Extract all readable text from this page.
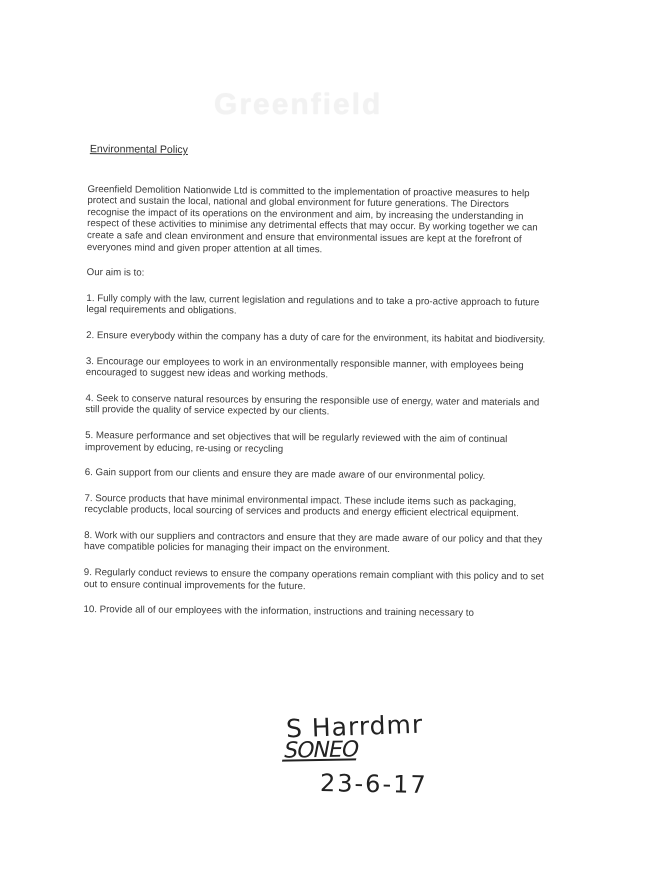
Greenfield
Environmental Policy
Greenfield Demolition Nationwide Ltd is committed to the implementation of proactive measures to help protect and sustain the local, national and global environment for future generations. The Directors recognise the impact of its operations on the environment and aim, by increasing the understanding in respect of these activities to minimise any detrimental effects that may occur. By working together we can create a safe and clean environment and ensure that environmental issues are kept at the forefront of everyones mind and given proper attention at all times.
Our aim is to:
1. Fully comply with the law, current legislation and regulations and to take a pro-active approach to future legal requirements and obligations.
2. Ensure everybody within the company has a duty of care for the environment, its habitat and biodiversity.
3. Encourage our employees to work in an environmentally responsible manner, with employees being encouraged to suggest new ideas and working methods.
4. Seek to conserve natural resources by ensuring the responsible use of energy, water and materials and still provide the quality of service expected by our clients.
5. Measure performance and set objectives that will be regularly reviewed with the aim of continual improvement by educing, re-using or recycling
6. Gain support from our clients and ensure they are made aware of our environmental policy.
7. Source products that have minimal environmental impact. These include items such as packaging, recyclable products, local sourcing of services and products and energy efficient electrical equipment.
8. Work with our suppliers and contractors and ensure that they are made aware of our policy and that they have compatible policies for managing their impact on the environment.
9. Regularly conduct reviews to ensure the company operations remain compliant with this policy and to set out to ensure continual improvements for the future.
10. Provide all of our employees with the information, instructions and training necessary to
S Harrdmr
SONEO
23-6-17
